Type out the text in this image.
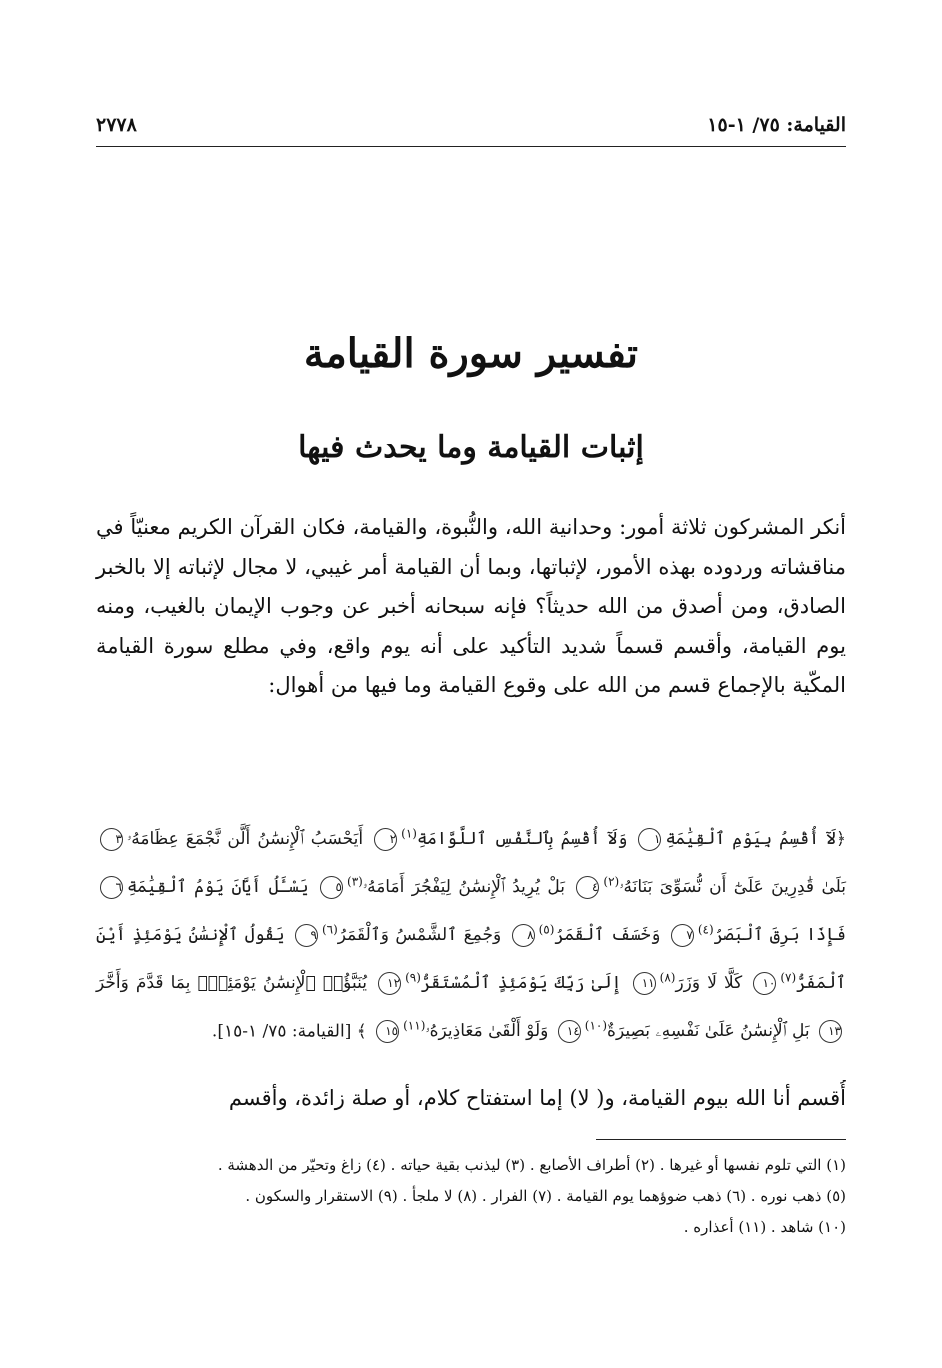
القيامة: ٧٥/ ١-١٥
٢٧٧٨
تفسير سورة القيامة
إثبات القيامة وما يحدث فيها

أنكر المشركون ثلاثة أمور: وحدانية الله، والنُّبوة، والقيامة، فكان القرآن الكريم معنيّاً في مناقشاته وردوده بهذه الأمور، لإثباتها، وبما أن القيامة أمر غيبي، لا مجال لإثباته إلا بالخبر الصادق، ومن أصدق من الله حديثاً؟ فإنه سبحانه أخبر عن وجوب الإيمان بالغيب، ومنه يوم القيامة، وأقسم قسماً شديد التأكيد على أنه يوم واقع، وفي مطلع سورة القيامة المكّية بالإجماع قسم من الله على وقوع القيامة وما فيها من أهوال:

﴿لَآ أُقْسِمُ بِيَوْمِ ٱلْقِيَٰمَةِ١ وَلَآ أُقْسِمُ بِٱلنَّفْسِ ٱللَّوَّامَةِ$^{(١)}$٢ أَيَحْسَبُ ٱلْإِنسَٰنُ أَلَّن نَّجْمَعَ عِظَامَهُۥ٣ بَلَىٰ قَٰدِرِينَ عَلَىٰٓ أَن نُّسَوِّىَ بَنَانَهُۥ$^{(٢)}$٤ بَلْ يُرِيدُ ٱلْإِنسَٰنُ لِيَفْجُرَ أَمَامَهُۥ$^{(٣)}$٥ يَسْـَٔلُ أَيَّانَ يَوْمُ ٱلْقِيَٰمَةِ٦ فَإِذَا بَرِقَ ٱلْبَصَرُ$^{(٤)}$٧ وَخَسَفَ ٱلْقَمَرُ$^{(٥)}$٨ وَجُمِعَ ٱلشَّمْسُ وَٱلْقَمَرُ$^{(٦)}$٩ يَقُولُ ٱلْإِنسَٰنُ يَوْمَئِذٍ أَيْنَ ٱلْمَفَرُّ$^{(٧)}$١٠ كَلَّا لَا وَزَرَ$^{(٨)}$١١ إِلَىٰ رَبِّكَ يَوْمَئِذٍ ٱلْمُسْتَقَرُّ$^{(٩)}$١٢ يُنَبَّؤُا۟ ٱلْإِنسَٰنُ يَوْمَئِذٍۭ بِمَا قَدَّمَ وَأَخَّرَ١٣ بَلِ ٱلْإِنسَٰنُ عَلَىٰ نَفْسِهِۦ بَصِيرَةٌ$^{(١٠)}$١٤ وَلَوْ أَلْقَىٰ مَعَاذِيرَهُۥ$^{(١١)}$١٥ ﴾ [القيامة: ٧٥/ ١-١٥].
أُقسم أنا الله بيوم القيامة، و( لا) إما استفتاح كلام، أو صلة زائدة، وأقسم
(١) التي تلوم نفسها أو غيرها . (٢) أطراف الأصابع . (٣) ليذنب بقية حياته . (٤) زاغ وتحيّر من الدهشة .
(٥) ذهب نوره . (٦) ذهب ضوؤهما يوم القيامة . (٧) الفرار . (٨) لا ملجأ . (٩) الاستقرار والسكون .
(١٠) شاهد . (١١) أعذاره .
